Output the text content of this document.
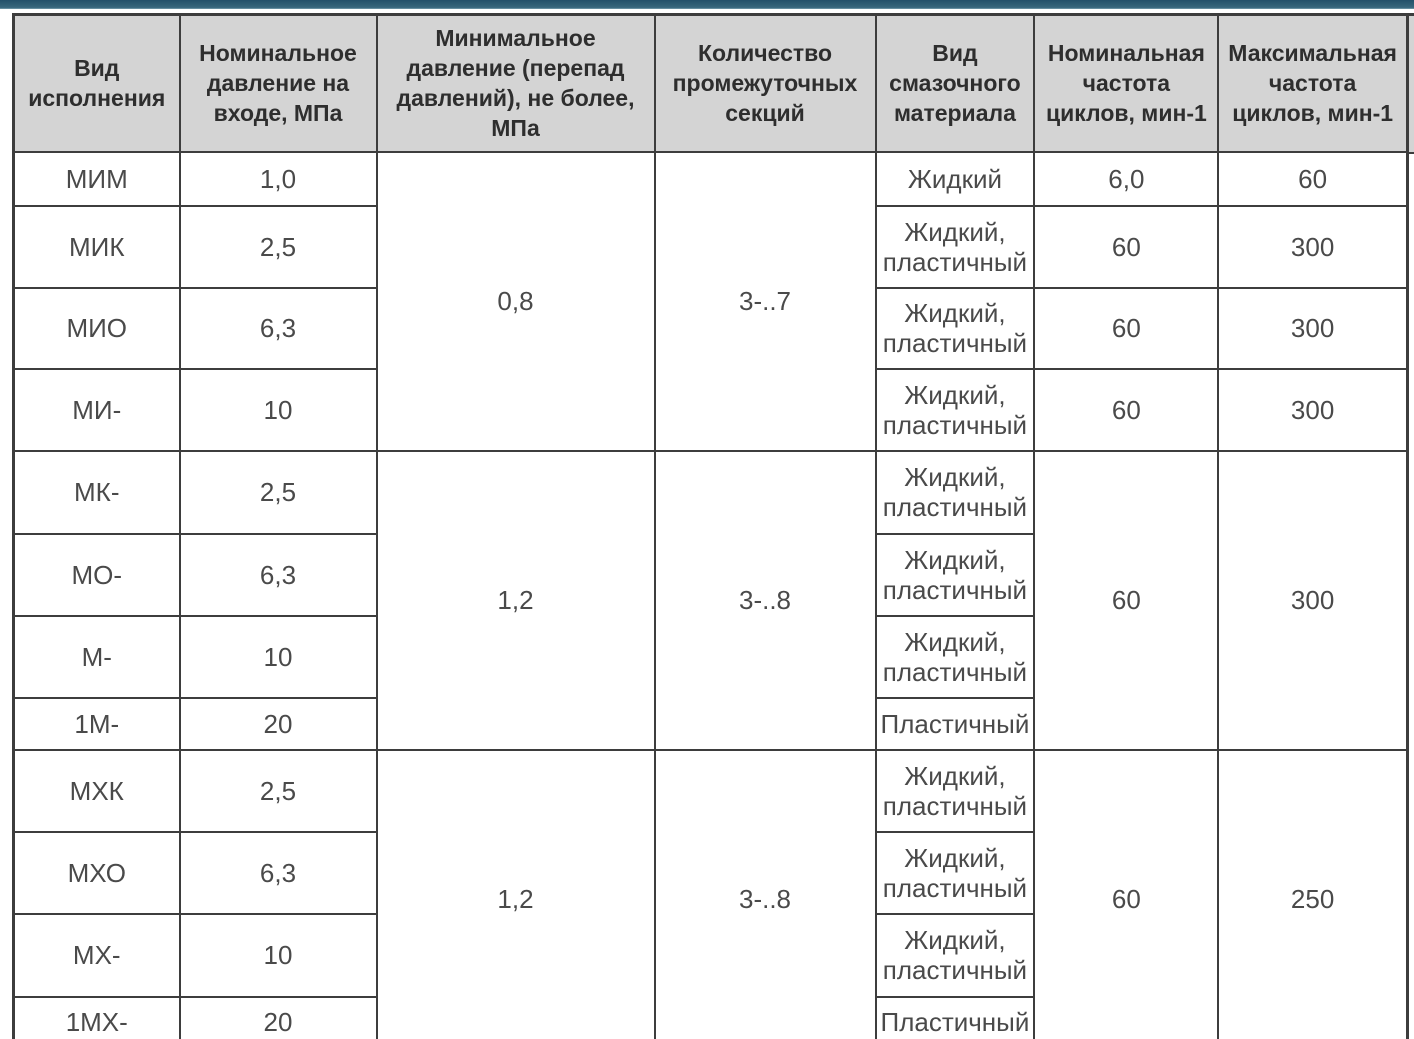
Вид исполнения	Номинальное давление на входе, МПа	Минимальное давление (перепад давлений), не более, МПа	Количество промежуточных секций	Вид смазочного материала	Номинальная частота циклов, мин-1	Максимальная частота циклов, мин-1
МИМ	1,0	0,8	3-..7	Жидкий	6,0	60
МИК	2,5			Жидкий, пластичный	60	300
МИО	6,3			Жидкий, пластичный	60	300
МИ-	10			Жидкий, пластичный	60	300
МК-	2,5	1,2	3-..8	Жидкий, пластичный	60	300
МО-	6,3			Жидкий, пластичный		
М-	10			Жидкий, пластичный		
1М-	20			Пластичный		
МХК	2,5	1,2	3-..8	Жидкий, пластичный	60	250
МХО	6,3			Жидкий, пластичный		
МХ-	10			Жидкий, пластичный		
1МХ-	20			Пластичный		
